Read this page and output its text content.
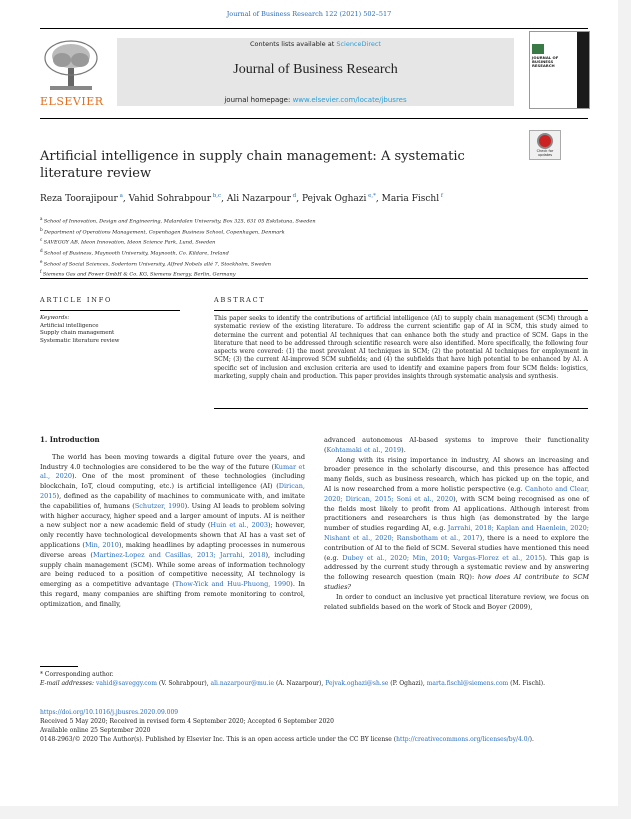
Journal of Business Research 122 (2021) 502–517
ELSEVIER
Contents lists available at ScienceDirect
Journal of Business Research
journal homepage: www.elsevier.com/locate/jbusres
JOURNAL OF BUSINESS RESEARCH
Check for updates
Artificial intelligence in supply chain management: A systematic literature review
Reza Toorajipour $^a$, Vahid Sohrabpour $^{b,c}$, Ali Nazarpour $^d$, Pejvak Oghazi $^{e,*}$, Maria Fischl $^f$
$^a$ School of Innovation, Design and Engineering, Malardalen University, Box 325, 631 05 Eskilstuna, Sweden
$^b$ Department of Operations Management, Copenhagen Business School, Copenhagen, Denmark
$^c$ SAVEGGY AB, Ideon Innovation, Ideon Science Park, Lund, Sweden
$^d$ School of Business, Maynooth University, Maynooth, Co. Kildare, Ireland
$^e$ School of Social Sciences, Sodertorn University, Alfred Nobels allé 7, Stockholm, Sweden
$^f$ Siemens Gas and Power GmbH & Co. KG, Siemens Energy, Berlin, Germany
ARTICLE INFO
Keywords:
Artificial intelligence
Supply chain management
Systematic literature review
ABSTRACT
This paper seeks to identify the contributions of artificial intelligence (AI) to supply chain management (SCM) through a systematic review of the existing literature. To address the current scientific gap of AI in SCM, this study aimed to determine the current and potential AI techniques that can enhance both the study and practice of SCM. Gaps in the literature that need to be addressed through scientific research were also identified. More specifically, the following four aspects were covered: (1) the most prevalent AI techniques in SCM; (2) the potential AI techniques for employment in SCM; (3) the current AI-improved SCM subfields; and (4) the subfields that have high potential to be enhanced by AI. A specific set of inclusion and exclusion criteria are used to identify and examine papers from four SCM fields: logistics, marketing, supply chain and production. This paper provides insights through systematic analysis and synthesis.
1. Introduction

The world has been moving towards a digital future over the years, and Industry 4.0 technologies are considered to be the way of the future (Kumar et al., 2020). One of the most prominent of these technologies (including blockchain, IoT, cloud computing, etc.) is artificial intelligence (AI) (Dirican, 2015), defined as the capability of machines to communicate with, and imitate the capabilities of, humans (Schutzer, 1990). Using AI leads to problem solving with higher accuracy, higher speed and a larger amount of inputs. AI is neither a new subject nor a new academic field of study (Huin et al., 2003); however, only recently have technological developments shown that AI has a vast set of applications (Min, 2010), making headlines by adapting processes in numerous diverse areas (Martinez-Lopez and Casillas, 2013; Jarrahi, 2018), including supply chain management (SCM). While some areas of information technology are being reduced to a position of competitive necessity, AI technology is emerging as a competitive advantage (Thow-Yick and Huu-Phuong, 1990). In this regard, many companies are shifting from remote monitoring to control, optimization, and finally,

advanced autonomous AI-based systems to improve their functionality (Kohtamaki et al., 2019).

Along with its rising importance in industry, AI shows an increasing and broader presence in the scholarly discourse, and this presence has affected many fields, such as business research, which has picked up on the topic, and AI is now researched from a more holistic perspective (e.g. Canhoto and Clear, 2020; Dirican, 2015; Soni et al., 2020), with SCM being recognised as one of the fields most likely to profit from AI applications. Although interest from practitioners and researchers is thus high (as demonstrated by the large number of studies regarding AI, e.g. Jarrahi, 2018; Kaplan and Haenlein, 2020; Nishant et al., 2020; Ransbotham et al., 2017), there is a need to explore the contribution of AI to the field of SCM. Several studies have mentioned this need (e.g. Dubey et al., 2020; Min, 2010; Vargas-Florez et al., 2015). This gap is addressed by the current study through a systematic review and by answering the following research question (main RQ): how does AI contribute to SCM studies?

In order to conduct an inclusive yet practical literature review, we focus on related subfields based on the work of Stock and Boyer (2009),

* Corresponding author.
E-mail addresses: vahid@saveggy.com (V. Sohrabpour), ali.nazarpour@mu.ie (A. Nazarpour), Pejvak.oghazi@sh.se (P. Oghazi), marta.fischl@siemens.com (M. Fischl).
https://doi.org/10.1016/j.jbusres.2020.09.009
Received 5 May 2020; Received in revised form 4 September 2020; Accepted 6 September 2020
Available online 25 September 2020
0148-2963/© 2020 The Author(s). Published by Elsevier Inc. This is an open access article under the CC BY license (http://creativecommons.org/licenses/by/4.0/).
